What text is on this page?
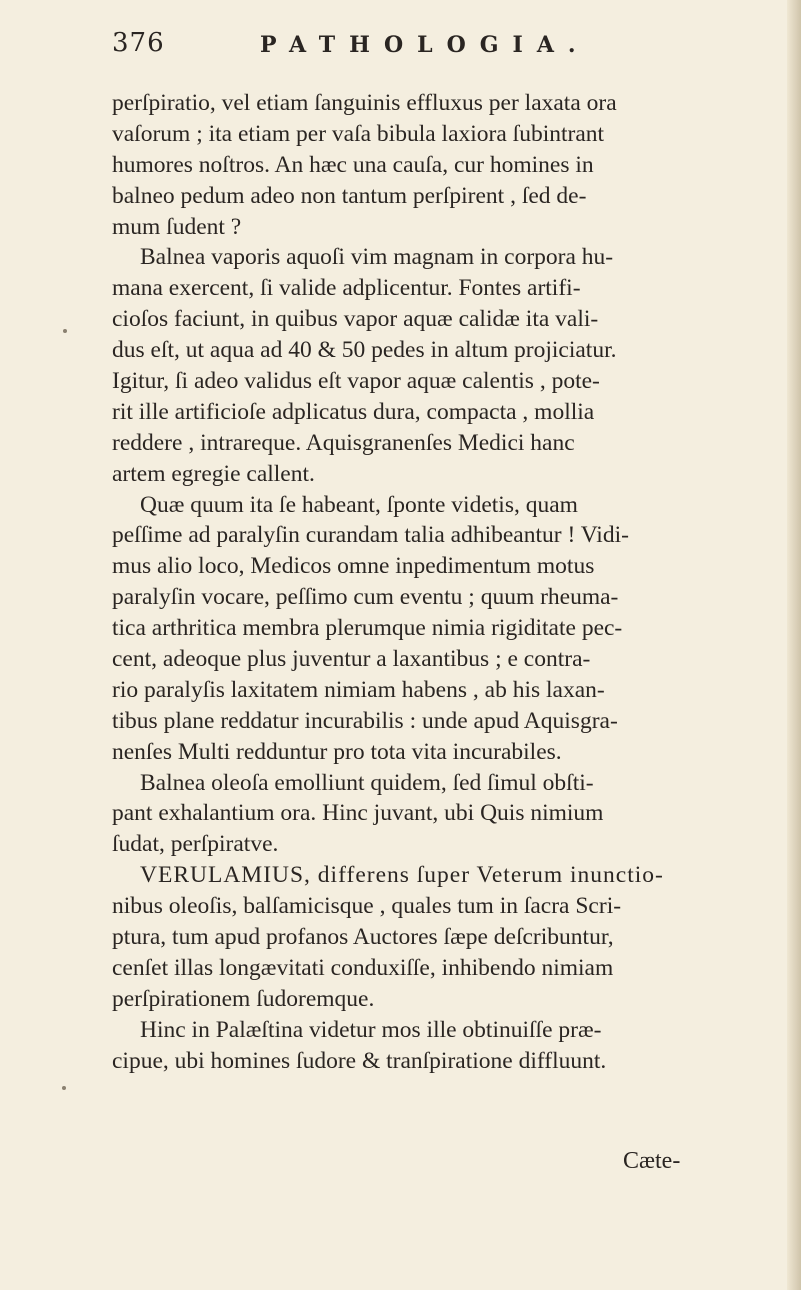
376	PATHOLOGIA.
perſpiratio, vel etiam ſanguinis effluxus per laxata ora
vaſorum ; ita etiam per vaſa bibula laxiora ſubintrant
humores noſtros. An hæc una cauſa, cur homines in
balneo pedum adeo non tantum perſpirent , ſed de-
mum ſudent ?
Balnea vaporis aquoſi vim magnam in corpora hu-
mana exercent, ſi valide adplicentur. Fontes artifi-
cioſos faciunt, in quibus vapor aquæ calidæ ita vali-
dus eſt, ut aqua ad 40 & 50 pedes in altum projiciatur.
Igitur, ſi adeo validus eſt vapor aquæ calentis , pote-
rit ille artificioſe adplicatus dura, compacta , mollia
reddere , intrareque. Aquisgranenſes Medici hanc
artem egregie callent.
Quæ quum ita ſe habeant, ſponte videtis, quam
peſſime ad paralyſin curandam talia adhibeantur ! Vidi-
mus alio loco, Medicos omne inpedimentum motus
paralyſin vocare, peſſimo cum eventu ; quum rheuma-
tica arthritica membra plerumque nimia rigiditate pec-
cent, adeoque plus juventur a laxantibus ; e contra-
rio paralyſis laxitatem nimiam habens , ab his laxan-
tibus plane reddatur incurabilis : unde apud Aquisgra-
nenſes Multi redduntur pro tota vita incurabiles.
Balnea oleoſa emolliunt quidem, ſed ſimul obſti-
pant exhalantium ora. Hinc juvant, ubi Quis nimium
ſudat, perſpiratve.
VERULAMIUS, differens ſuper Veterum inunctio-
nibus oleoſis, balſamicisque , quales tum in ſacra Scri-
ptura, tum apud profanos Auctores ſæpe deſcribuntur,
cenſet illas longævitati conduxiſſe, inhibendo nimiam
perſpirationem ſudoremque.
Hinc in Palæſtina videtur mos ille obtinuiſſe præ-
cipue, ubi homines ſudore & tranſpiratione diffluunt.
Cæte-
